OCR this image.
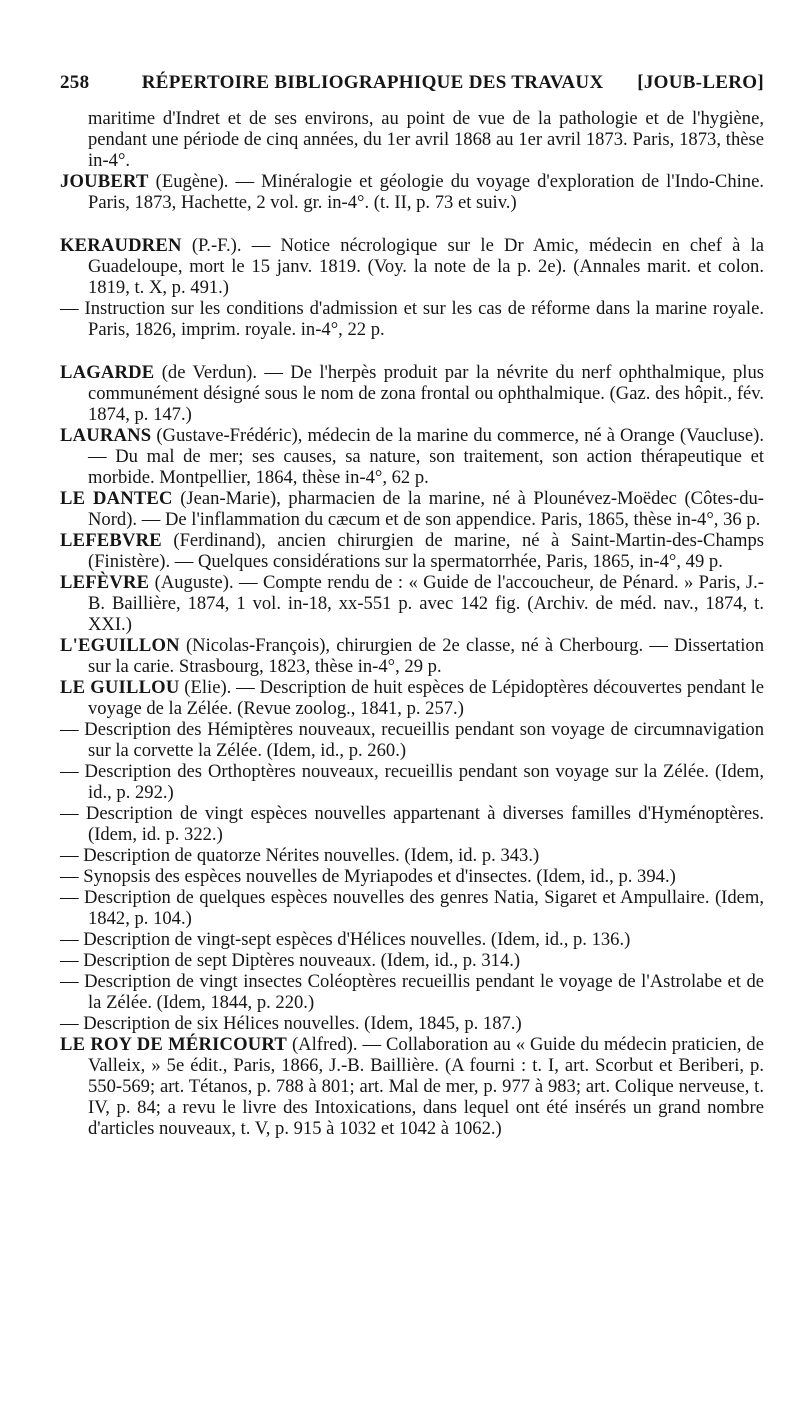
258	RÉPERTOIRE BIBLIOGRAPHIQUE DES TRAVAUX	[JOUB-LERO]

maritime d'Indret et de ses environs, au point de vue de la pathologie et de l'hygiène, pendant une période de cinq années, du 1er avril 1868 au 1er avril 1873. Paris, 1873, thèse in-4°.

JOUBERT (Eugène). — Minéralogie et géologie du voyage d'exploration de l'Indo-Chine. Paris, 1873, Hachette, 2 vol. gr. in-4°. (t. II, p. 73 et suiv.)

KERAUDREN (P.-F.). — Notice nécrologique sur le Dr Amic, médecin en chef à la Guadeloupe, mort le 15 janv. 1819. (Voy. la note de la p. 2e). (Annales marit. et colon. 1819, t. X, p. 491.)

— Instruction sur les conditions d'admission et sur les cas de réforme dans la marine royale. Paris, 1826, imprim. royale. in-4°, 22 p.

LAGARDE (de Verdun). — De l'herpès produit par la névrite du nerf ophthalmique, plus communément désigné sous le nom de zona frontal ou ophthalmique. (Gaz. des hôpit., fév. 1874, p. 147.)

LAURANS (Gustave-Frédéric), médecin de la marine du commerce, né à Orange (Vaucluse). — Du mal de mer; ses causes, sa nature, son traitement, son action thérapeutique et morbide. Montpellier, 1864, thèse in-4°, 62 p.

LE DANTEC (Jean-Marie), pharmacien de la marine, né à Plounévez-Moëdec (Côtes-du-Nord). — De l'inflammation du cæcum et de son appendice. Paris, 1865, thèse in-4°, 36 p.

LEFEBVRE (Ferdinand), ancien chirurgien de marine, né à Saint-Martin-des-Champs (Finistère). — Quelques considérations sur la spermatorrhée, Paris, 1865, in-4°, 49 p.

LEFÈVRE (Auguste). — Compte rendu de : « Guide de l'accoucheur, de Pénard. » Paris, J.-B. Baillière, 1874, 1 vol. in-18, xx-551 p. avec 142 fig. (Archiv. de méd. nav., 1874, t. XXI.)

L'EGUILLON (Nicolas-François), chirurgien de 2e classe, né à Cherbourg. — Dissertation sur la carie. Strasbourg, 1823, thèse in-4°, 29 p.

LE GUILLOU (Elie). — Description de huit espèces de Lépidoptères découvertes pendant le voyage de la Zélée. (Revue zoolog., 1841, p. 257.)

— Description des Hémiptères nouveaux, recueillis pendant son voyage de circumnavigation sur la corvette la Zélée. (Idem, id., p. 260.)

— Description des Orthoptères nouveaux, recueillis pendant son voyage sur la Zélée. (Idem, id., p. 292.)

— Description de vingt espèces nouvelles appartenant à diverses familles d'Hyménoptères. (Idem, id. p. 322.)

— Description de quatorze Nérites nouvelles. (Idem, id. p. 343.)

— Synopsis des espèces nouvelles de Myriapodes et d'insectes. (Idem, id., p. 394.)

— Description de quelques espèces nouvelles des genres Natia, Sigaret et Ampullaire. (Idem, 1842, p. 104.)

— Description de vingt-sept espèces d'Hélices nouvelles. (Idem, id., p. 136.)

— Description de sept Diptères nouveaux. (Idem, id., p. 314.)

— Description de vingt insectes Coléoptères recueillis pendant le voyage de l'Astrolabe et de la Zélée. (Idem, 1844, p. 220.)

— Description de six Hélices nouvelles. (Idem, 1845, p. 187.)

LE ROY DE MÉRICOURT (Alfred). — Collaboration au « Guide du médecin praticien, de Valleix, » 5e édit., Paris, 1866, J.-B. Baillière. (A fourni : t. I, art. Scorbut et Beriberi, p. 550-569; art. Tétanos, p. 788 à 801; art. Mal de mer, p. 977 à 983; art. Colique nerveuse, t. IV, p. 84; a revu le livre des Intoxications, dans lequel ont été insérés un grand nombre d'articles nouveaux, t. V, p. 915 à 1032 et 1042 à 1062.)
